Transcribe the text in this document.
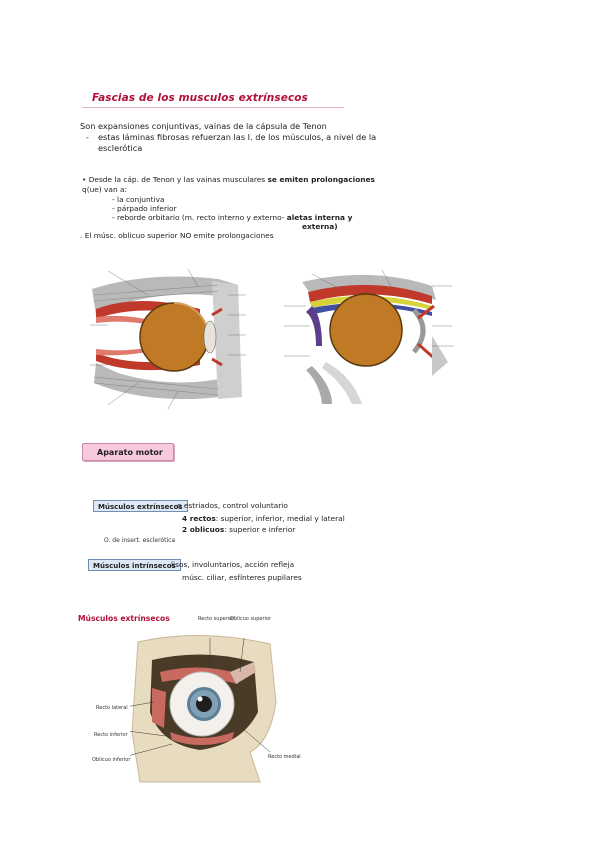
Fascias de los musculos extrínsecos
Son expansiones conjuntivas, vainas de la cápsula de Tenon
- estas láminas fibrosas refuerzan las I. de los músculos, a nivel de la
esclerótica
• Desde la cáp. de Tenon y las vainas musculares se emiten prolongaciones
q(ue) van a:
- la conjuntiva
- párpado inferior
- reborde orbitario (m. recto interno y externo- aletas interna y
externa)
. El músc. oblicuo superior NO emite prolongaciones
Aparato motor
Músculos extrínsecos
o estriados, control voluntario
4 rectos: superior, inferior, medial y lateral
2 oblicuos: superior e inferior
O. de insert. esclerótica
Músculos intrínsecos
lisos, involuntarios, acción refleja
músc. ciliar, esfínteres pupilares
Músculos extrínsecos	Recto superior
Oblicuo superior
Recto lateral
Recto inferior
Oblicuo inferior	Recto medial
